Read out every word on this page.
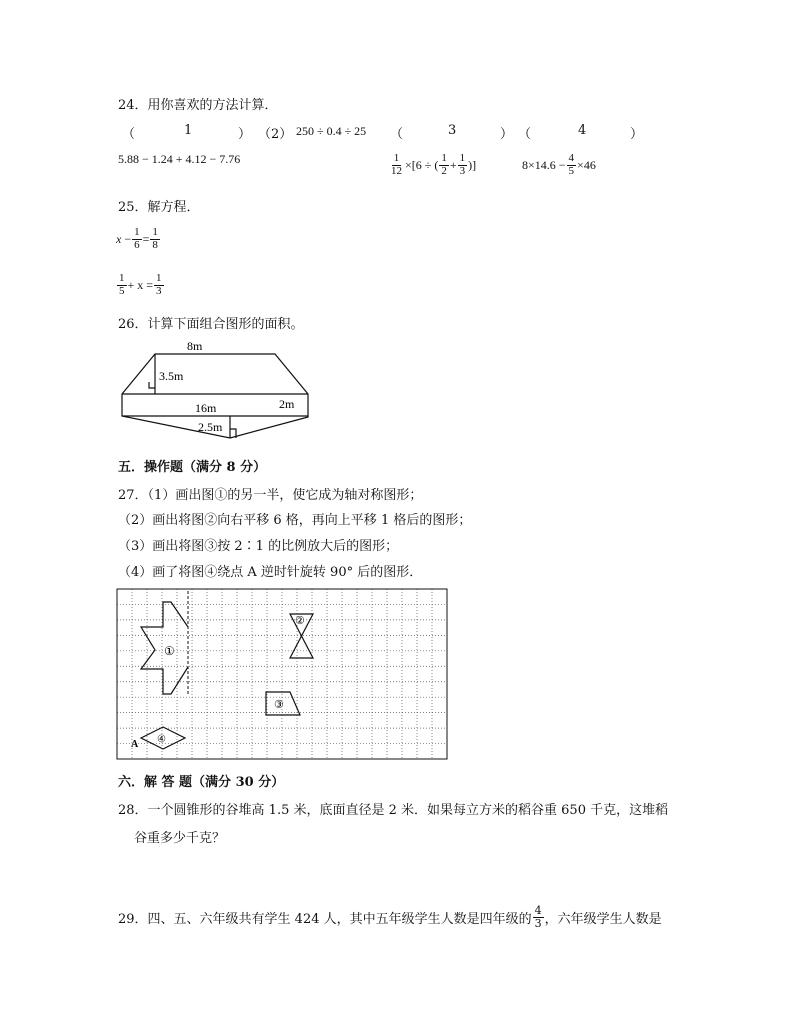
24．用你喜欢的方法计算．
（	1	） （2） 250 ÷ 0.4 ÷ 25 （	3	） （	4	）
5.88 − 1.24 + 4.12 − 7.76	$\frac{1}{12} \times[6$ ÷ ( $\frac{1}{2} + \frac{1}{3}$ )]	$8\times 14.6 - \frac{4}{5} \times 46$
25．解方程．
x
− $\frac{1}{6} = \frac{1}{8}$
$\frac{1}{5} + x = \frac{1}{3}$
26．计算下面组合图形的面积。
8m
3.5m
16m	2m
2.5m
五．操作题（满分 8 分）
27．（1）画出图①的另一半，使它成为轴对称图形；
（2）画出将图②向右平移 6 格，再向上平移 1 格后的图形；
（3）画出将图③按 2∶1 的比例放大后的图形；
（4）画了将图④绕点 A 逆时针旋转 90° 后的图形．
①
②
③
④
A
六．解 答 题（满分 30 分）
28．一个圆锥形的谷堆高 1.5 米，底面直径是 2 米．如果每立方米的稻谷重 650 千克，这堆稻
谷重多少千克？
29．四、五、六年级共有学生 424 人，其中五年级学生人数是四年级的 $\frac{4}{3}$ ，六年级学生人数是
